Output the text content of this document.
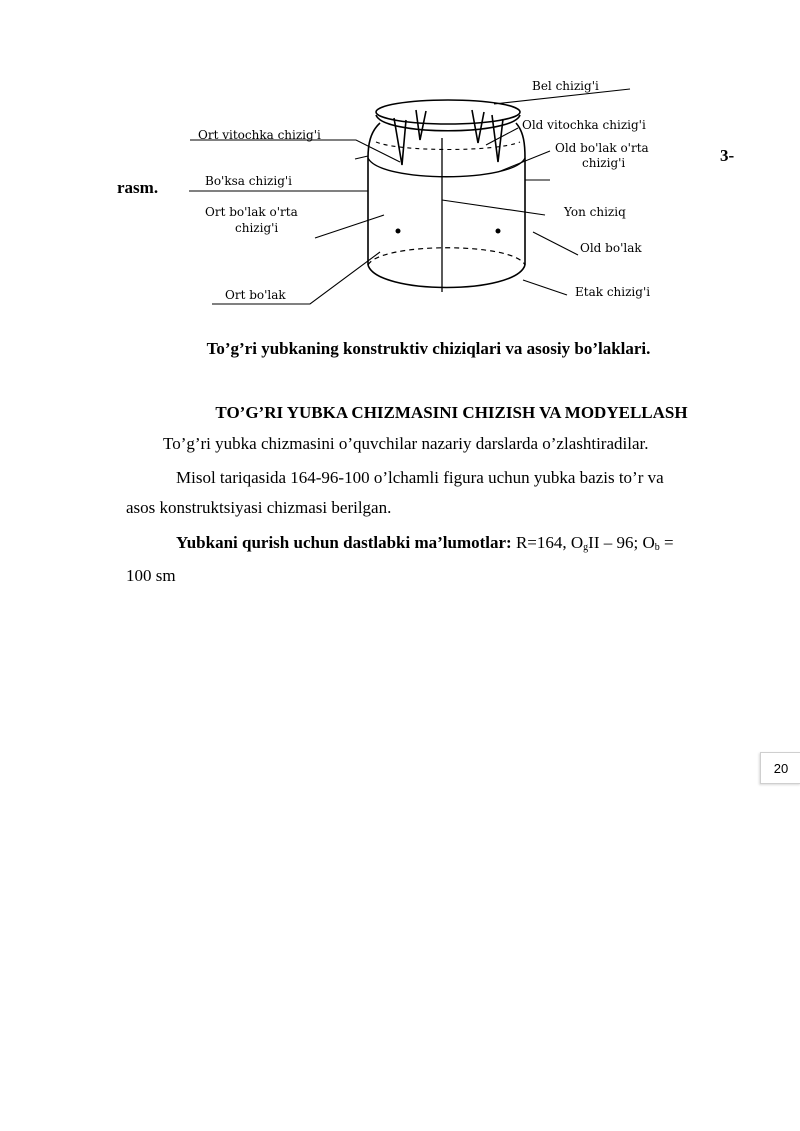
3-
rasm.
Bel chizig'i
Ort vitochka chizig'i
Old vitochka chizig'i
Old bo'lak o'rta
chizig'i
Bo'ksa chizig'i
Ort bo'lak o'rta
chizig'i
Yon chiziq
Old bo'lak
Ort bo'lak	Etak chizig'i
To’g’ri yubkaning konstruktiv chiziqlari va asosiy bo’laklari.
TO’G’RI YUBKA CHIZMASINI CHIZISH VA MODYELLASH
To’g’ri yubka chizmasini o’quvchilar nazariy darslarda o’zlashtiradilar.
Misol tariqasida 164-96-100 o’lchamli figura uchun yubka bazis to’r va
asos konstruktsiyasi chizmasi berilgan.
Yubkani qurish uchun dastlabki ma’lumotlar: R=164, $O_gII - 96$; $O_b$ =
100 sm
20
